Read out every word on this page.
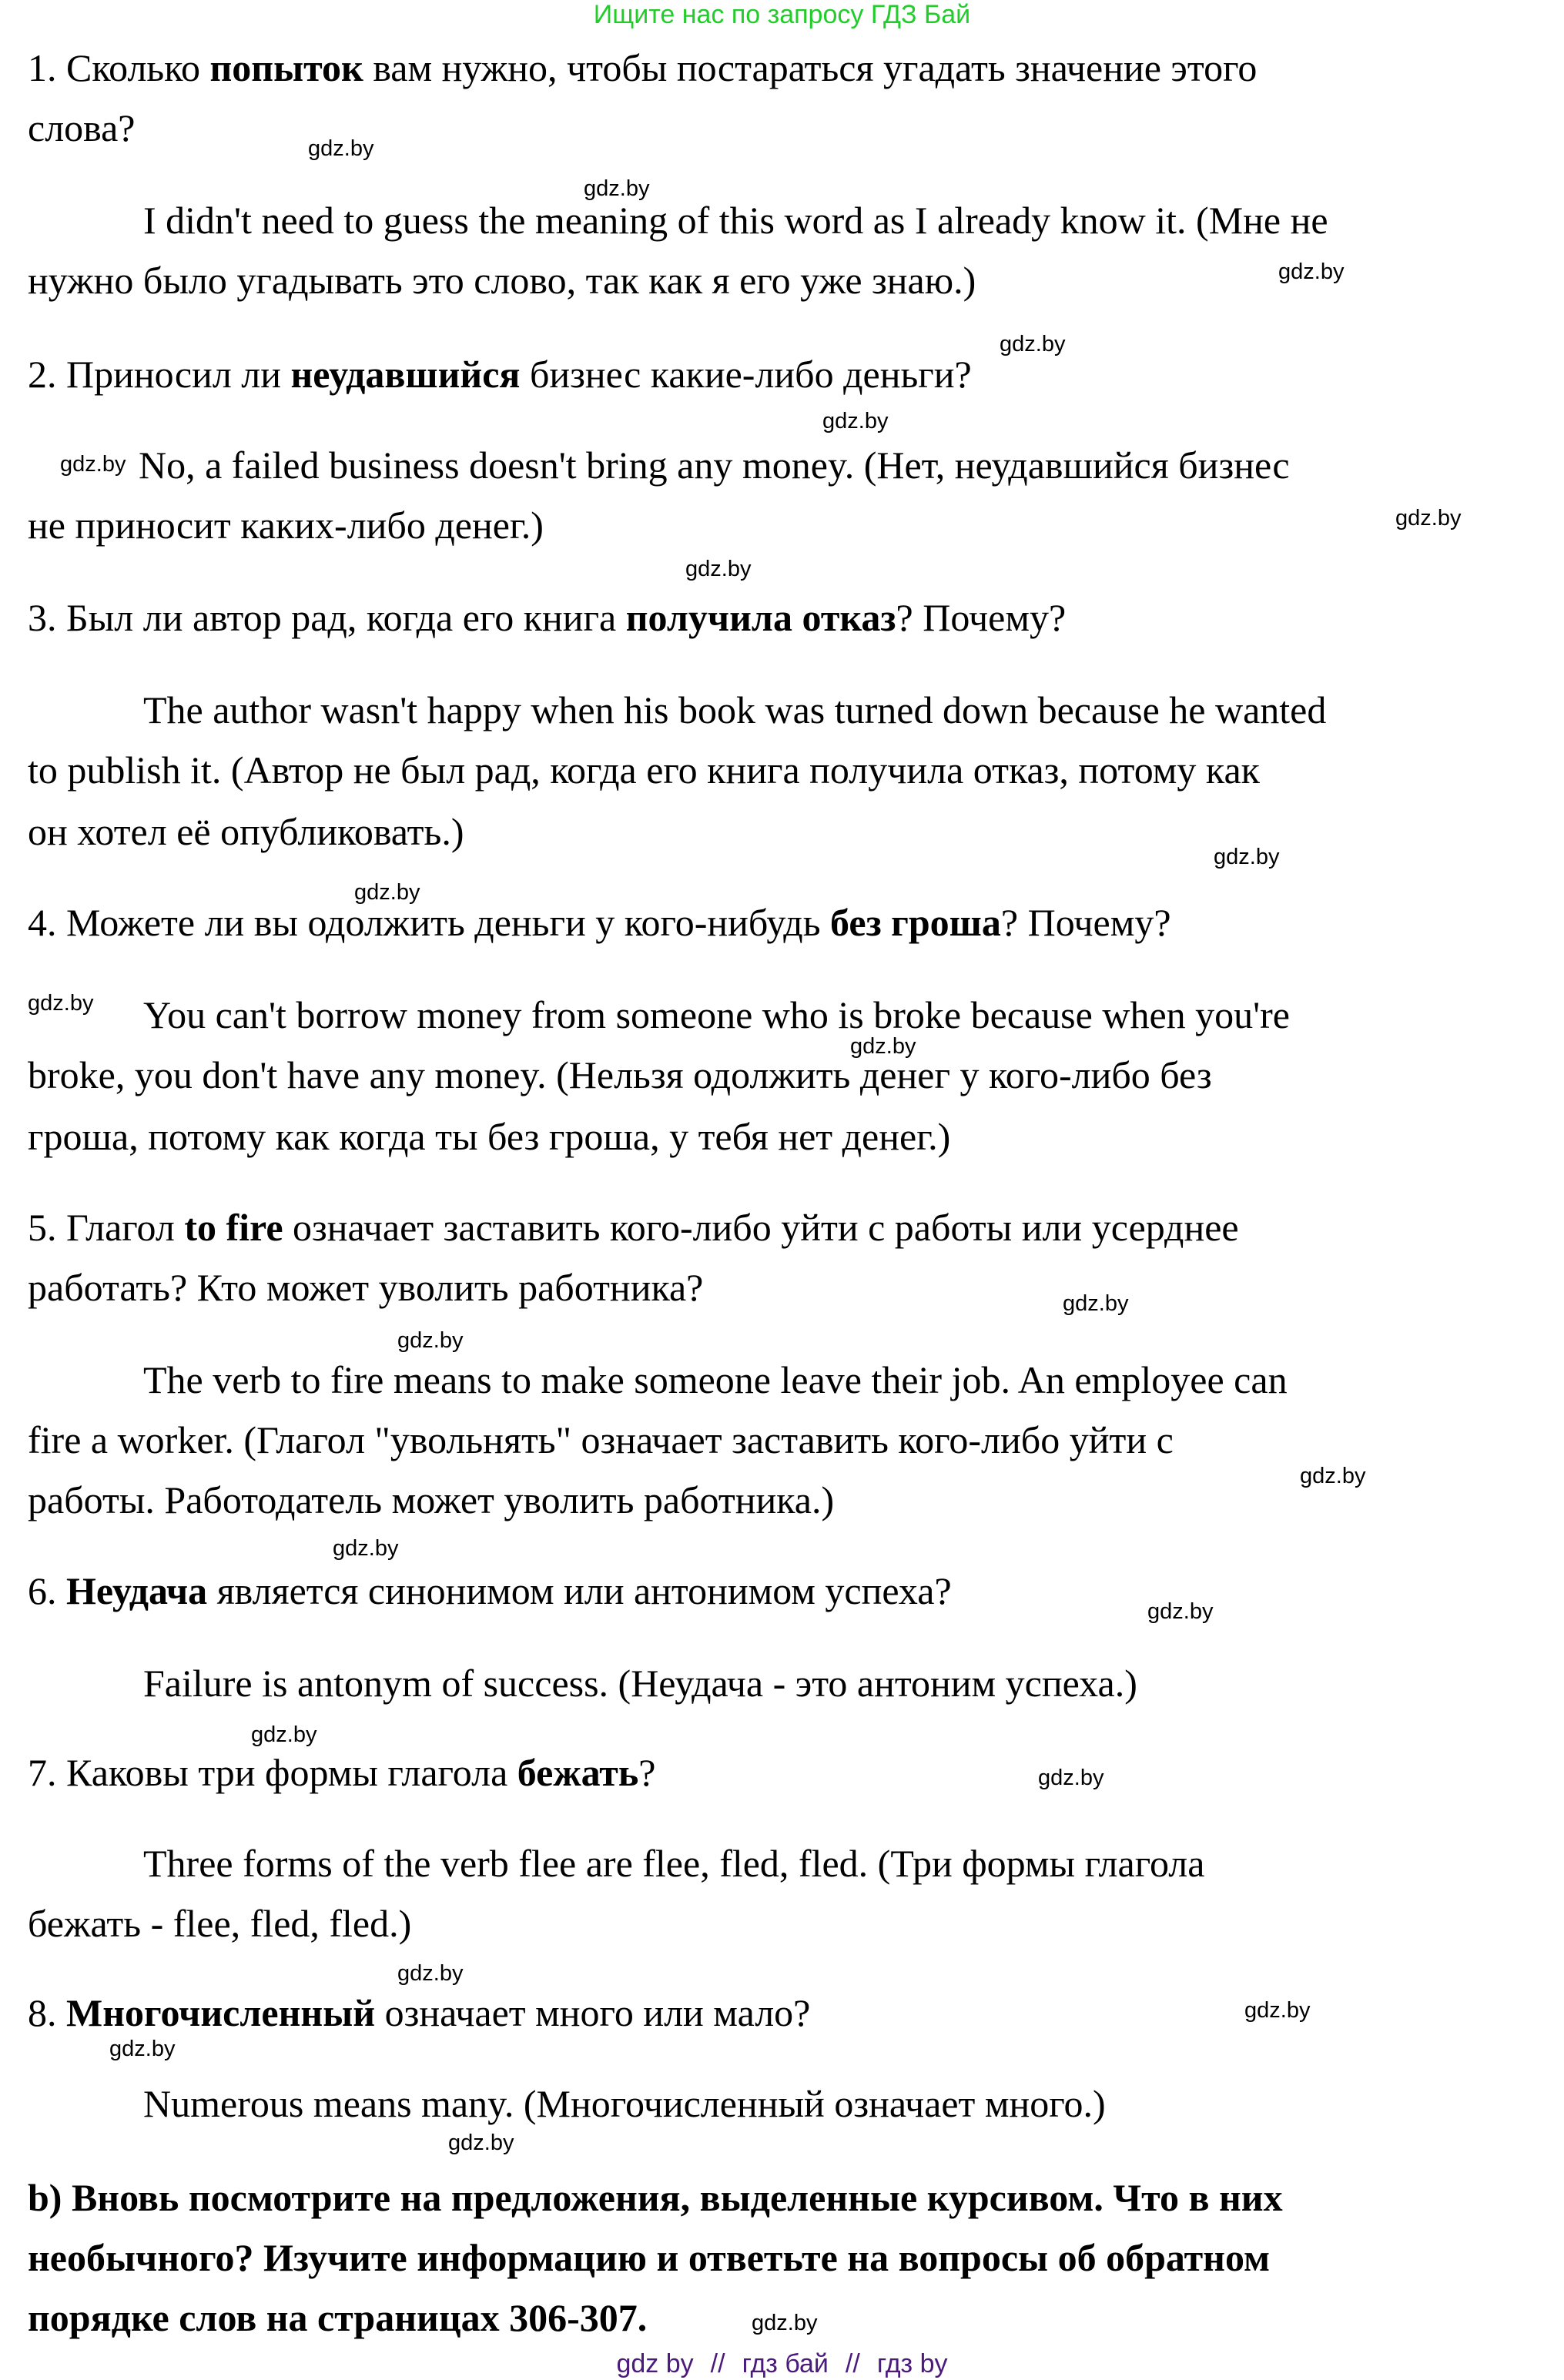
Ищите нас по запросу ГДЗ Бай
1. Сколько попыток вам нужно, чтобы постараться угадать значение этого
слова?	gdz.by
gdz.by
I didn't need to guess the meaning of this word as I already know it. (Мне не
нужно было угадывать это слово, так как я его уже знаю.)	gdz.by
gdz.by
2. Приносил ли неудавшийся бизнес какие-либо деньги?
gdz.by
gdz.by No, a failed business doesn't bring any money. (Нет, неудавшийся бизнес
не приносит каких-либо денег.)	gdz.by
gdz.by
3. Был ли автор рад, когда его книга получила отказ? Почему?
The author wasn't happy when his book was turned down because he wanted
to publish it. (Автор не был рад, когда его книга получила отказ, потому как
он хотел её опубликовать.)
gdz.by
gdz.by
4. Можете ли вы одолжить деньги у кого-нибудь без гроша? Почему?
gdz.by You can't borrow money from someone who is broke because when you're
gdz.by
broke, you don't have any money. (Нельзя одолжить денег у кого-либо без
гроша, потому как когда ты без гроша, у тебя нет денег.)
5. Глагол to fire означает заставить кого-либо уйти с работы или усерднее
работать? Кто может уволить работника?	gdz.by
gdz.by
The verb to fire means to make someone leave their job. An employee can
fire a worker. (Глагол "увольнять" означает заставить кого-либо уйти с
gdz.by
работы. Работодатель может уволить работника.)
gdz.by
6. Неудача является синонимом или антонимом успеха?	gdz.by
Failure is antonym of success. (Неудача - это антоним успеха.)
gdz.by
7. Каковы три формы глагола бежать?	gdz.by
Three forms of the verb flee are flee, fled, fled. (Три формы глагола
бежать - flee, fled, fled.)
gdz.by
8. Многочисленный означает много или мало?	gdz.by
gdz.by
Numerous means many. (Многочисленный означает много.)
gdz.by
b) Вновь посмотрите на предложения, выделенные курсивом. Что в них
необычного? Изучите информацию и ответьте на вопросы об обратном
порядке слов на страницах 306-307.	gdz.by
gdz by // гдз бай // гдз by
